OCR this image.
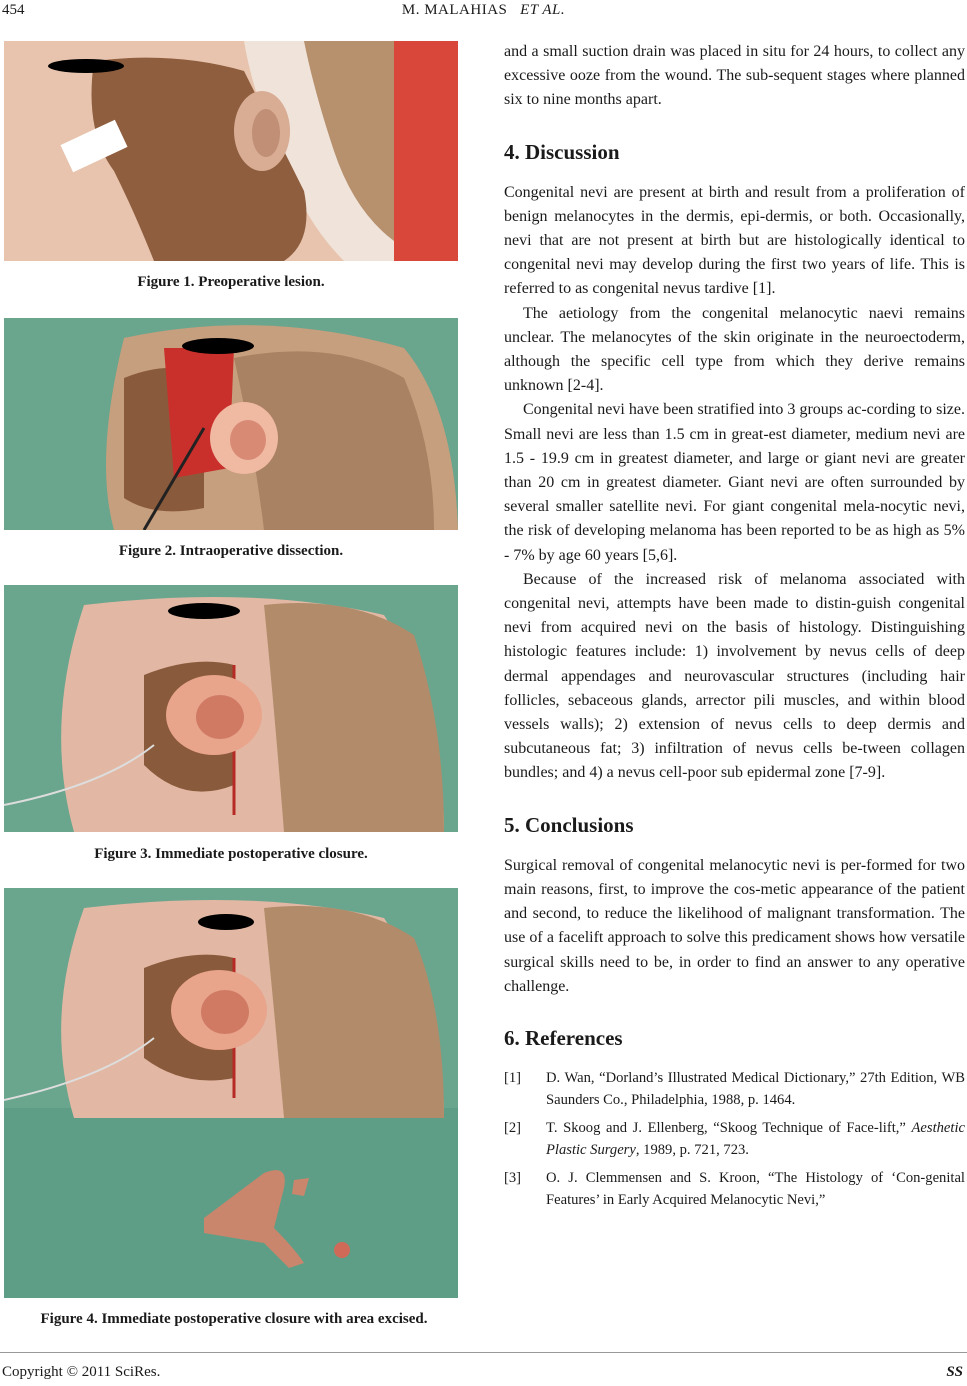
454	M. MALAHIAS ET AL.
Figure 1. Preoperative lesion.
Figure 2. Intraoperative dissection.
Figure 3. Immediate postoperative closure.
Figure 4. Immediate postoperative closure with area excised.

and a small suction drain was placed in situ for 24 hours, to collect any excessive ooze from the wound. The sub-sequent stages where planned six to nine months apart.

4. Discussion

Congenital nevi are present at birth and result from a proliferation of benign melanocytes in the dermis, epi-dermis, or both. Occasionally, nevi that are not present at birth but are histologically identical to congenital nevi may develop during the first two years of life. This is referred to as congenital nevus tardive [1].

The aetiology from the congenital melanocytic naevi remains unclear. The melanocytes of the skin originate in the neuroectoderm, although the specific cell type from which they derive remains unknown [2-4].

Congenital nevi have been stratified into 3 groups ac-cording to size. Small nevi are less than 1.5 cm in great-est diameter, medium nevi are 1.5 - 19.9 cm in greatest diameter, and large or giant nevi are greater than 20 cm in greatest diameter. Giant nevi are often surrounded by several smaller satellite nevi. For giant congenital mela-nocytic nevi, the risk of developing melanoma has been reported to be as high as 5% - 7% by age 60 years [5,6].

Because of the increased risk of melanoma associated with congenital nevi, attempts have been made to distin-guish congenital nevi from acquired nevi on the basis of histology. Distinguishing histologic features include: 1) involvement by nevus cells of deep dermal appendages and neurovascular structures (including hair follicles, sebaceous glands, arrector pili muscles, and within blood vessels walls); 2) extension of nevus cells to deep dermis and subcutaneous fat; 3) infiltration of nevus cells be-tween collagen bundles; and 4) a nevus cell-poor sub epidermal zone [7-9].

5. Conclusions

Surgical removal of congenital melanocytic nevi is per-formed for two main reasons, first, to improve the cos-metic appearance of the patient and second, to reduce the likelihood of malignant transformation. The use of a facelift approach to solve this predicament shows how versatile surgical skills need to be, in order to find an answer to any operative challenge.

6. References
[1] D. Wan, “Dorland’s Illustrated Medical Dictionary,” 27th Edition, WB Saunders Co., Philadelphia, 1988, p. 1464.
[2] T. Skoog and J. Ellenberg, “Skoog Technique of Face-lift,” Aesthetic Plastic Surgery, 1989, p. 721, 723.
[3] O. J. Clemmensen and S. Kroon, “The Histology of ‘Con-genital Features’ in Early Acquired Melanocytic Nevi,”
Copyright © 2011 SciRes.	SS
